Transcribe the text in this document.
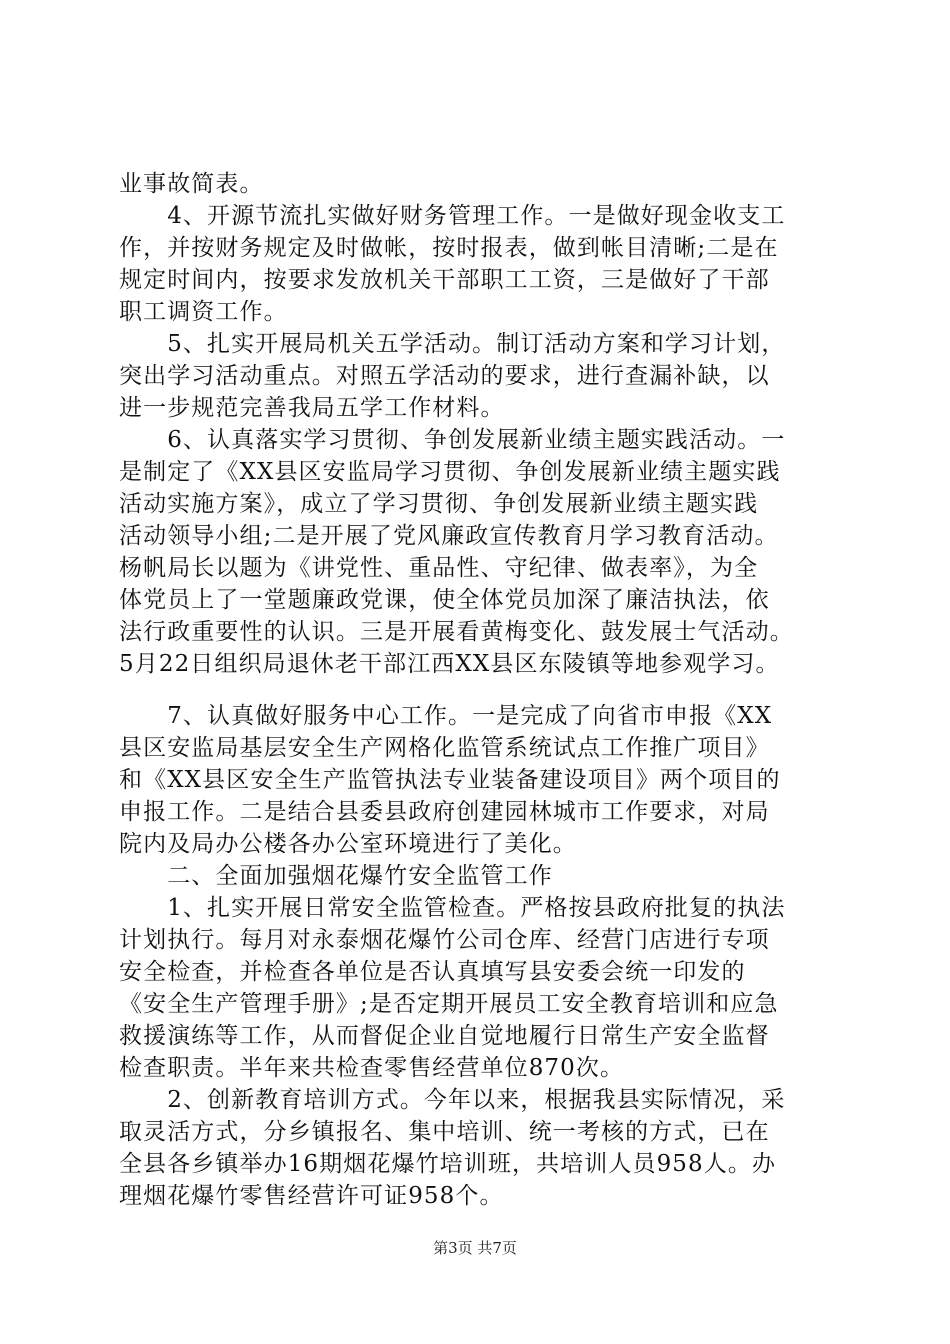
业事故简表。
　　4、开源节流扎实做好财务管理工作。一是做好现金收支工
作，并按财务规定及时做帐，按时报表，做到帐目清晰;二是在
规定时间内，按要求发放机关干部职工工资，三是做好了干部
职工调资工作。
　　5、扎实开展局机关五学活动。制订活动方案和学习计划，
突出学习活动重点。对照五学活动的要求，进行查漏补缺，以
进一步规范完善我局五学工作材料。
　　6、认真落实学习贯彻、争创发展新业绩主题实践活动。一
是制定了《XX县区安监局学习贯彻、争创发展新业绩主题实践
活动实施方案》，成立了学习贯彻、争创发展新业绩主题实践
活动领导小组;二是开展了党风廉政宣传教育月学习教育活动。
杨帆局长以题为《讲党性、重品性、守纪律、做表率》，为全
体党员上了一堂题廉政党课，使全体党员加深了廉洁执法，依
法行政重要性的认识。三是开展看黄梅变化、鼓发展士气活动。
5月22日组织局退休老干部江西XX县区东陵镇等地参观学习。
　　7、认真做好服务中心工作。一是完成了向省市申报《XX
县区安监局基层安全生产网格化监管系统试点工作推广项目》
和《XX县区安全生产监管执法专业装备建设项目》两个项目的
申报工作。二是结合县委县政府创建园林城市工作要求，对局
院内及局办公楼各办公室环境进行了美化。
　　二、全面加强烟花爆竹安全监管工作
　　1、扎实开展日常安全监管检查。严格按县政府批复的执法
计划执行。每月对永泰烟花爆竹公司仓库、经营门店进行专项
安全检查，并检查各单位是否认真填写县安委会统一印发的
《安全生产管理手册》;是否定期开展员工安全教育培训和应急
救援演练等工作，从而督促企业自觉地履行日常生产安全监督
检查职责。半年来共检查零售经营单位870次。
　　2、创新教育培训方式。今年以来，根据我县实际情况，采
取灵活方式，分乡镇报名、集中培训、统一考核的方式，已在
全县各乡镇举办16期烟花爆竹培训班，共培训人员958人。办
理烟花爆竹零售经营许可证958个。
第3页 共7页
